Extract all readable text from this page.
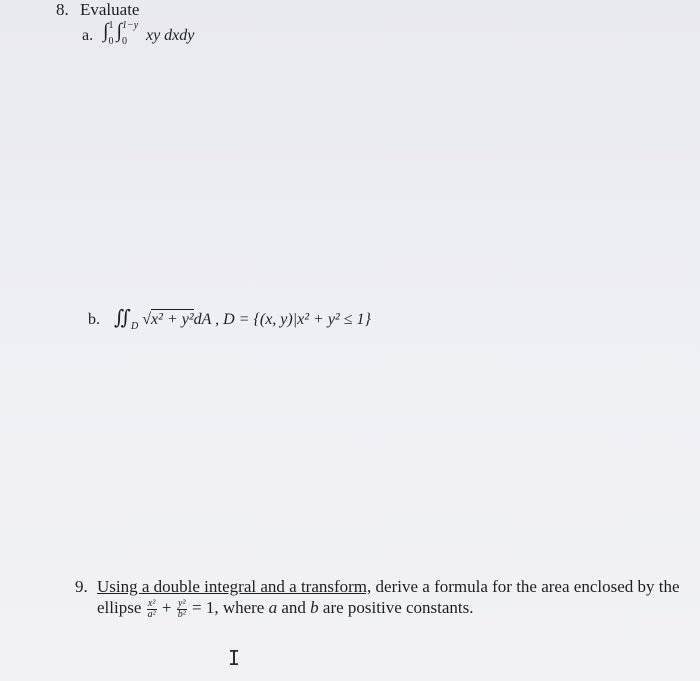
8. Evaluate
a. ∫ 1
0 ∫ 1−y
0 xy dxdy
b. $∬_D$ √x² + y²dA , D = {(x, y)|x² + y² ≤ 1}
9. Using a double integral and a transform, derive a formula for the area enclosed by the
ellipse $\frac{\text{x²}}{\text{a²}} + \frac{\text{y²}}{\text{b²}} = 1$, where a and b are positive constants.
I
